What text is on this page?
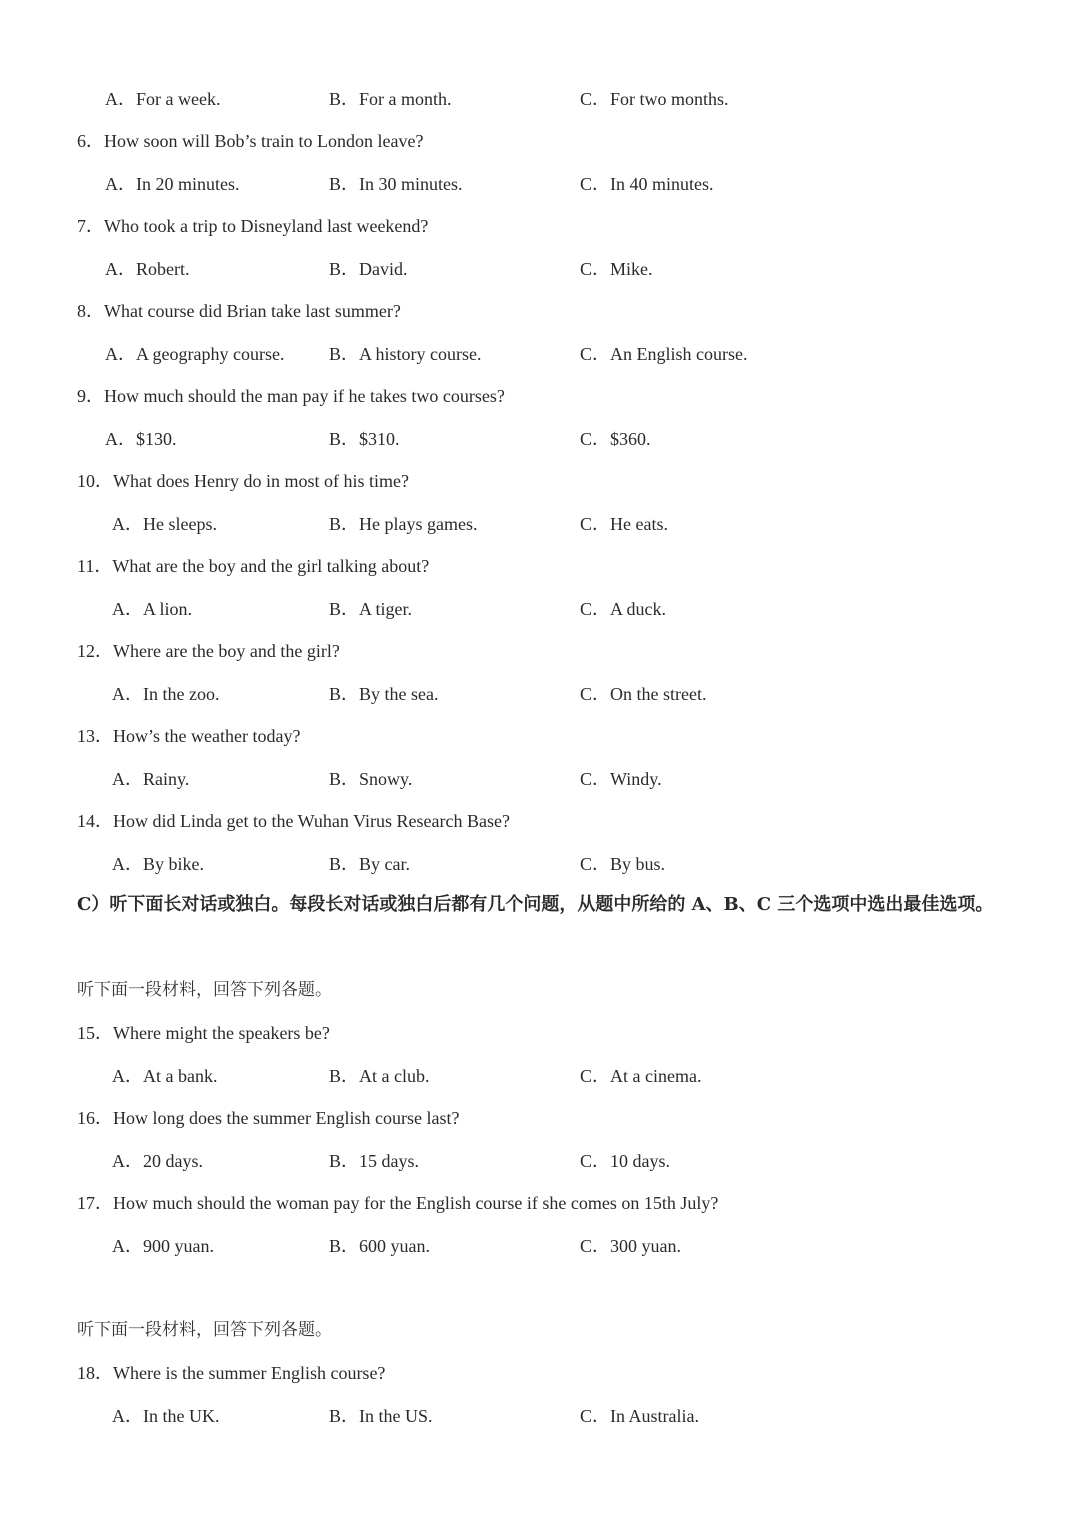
A．For a week.	B．For a month.	C．For two months.
6．How soon will Bob’s train to London leave?
A．In 20 minutes.	B．In 30 minutes.	C．In 40 minutes.
7．Who took a trip to Disneyland last weekend?
A．Robert.	B．David.	C．Mike.
8．What course did Brian take last summer?
A．A geography course. B．A history course.	C．An English course.
9．How much should the man pay if he takes two courses?
A．$130.	B．$310.	C．$360.
10．What does Henry do in most of his time?
A．He sleeps.	B．He plays games.	C．He eats.
11．What are the boy and the girl talking about?
A．A lion.	B．A tiger.	C．A duck.
12．Where are the boy and the girl?
A．In the zoo.	B．By the sea.	C．On the street.
13．How’s the weather today?
A．Rainy.	B．Snowy.	C．Windy.
14．How did Linda get to the Wuhan Virus Research Base?
A．By bike.	B．By car.	C．By bus.
C）听下面长对话或独白。每段长对话或独白后都有几个问题，从题中所给的 A、B、C 三个选项中选出最佳选项。
听下面一段材料，回答下列各题。
15．Where might the speakers be?
A．At a bank.	B．At a club.	C．At a cinema.
16．How long does the summer English course last?
A．20 days.	B．15 days.	C．10 days.
17．How much should the woman pay for the English course if she comes on 15th July?
A．900 yuan.	B．600 yuan.	C．300 yuan.
听下面一段材料，回答下列各题。
18．Where is the summer English course?
A．In the UK.	B．In the US.	C．In Australia.
